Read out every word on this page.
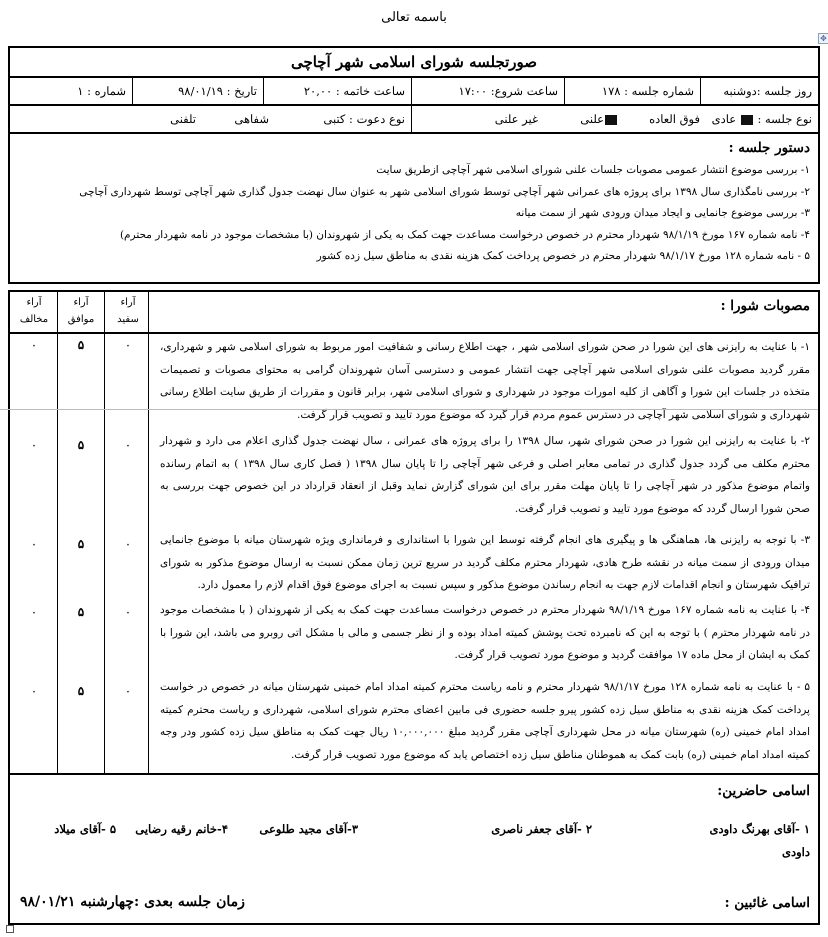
باسمه تعالی
✥
صورتجلسه شورای اسلامی شهر آچاچی
روز جلسه :دوشنبه
شماره جلسه : ۱۷۸
ساعت شروع: ۱۷:۰۰
ساعت خاتمه : ۲۰,۰۰
تاریخ : ۹۸/۰۱/۱۹
شماره : ۱
نوع جلسه :  عادی
فوق العاده
علنی
غیر علنی
نوع دعوت : کتبی
شفاهی
تلفنی
دستور جلسه :
۱- بررسی موضوع انتشار عمومی مصوبات جلسات علنی شورای اسلامی شهر آچاچی ازطریق سایت
۲- بررسی نامگذاری سال ۱۳۹۸ برای پروژه های عمرانی شهر آچاچی توسط شورای اسلامی شهر به عنوان سال نهضت جدول گذاری شهر آچاچی توسط شهرداری آچاچی
۳- بررسی موضوع جانمایی و ایجاد میدان ورودی شهر از سمت میانه
۴- نامه شماره ۱۶۷ مورخ ۹۸/۱/۱۹ شهردار محترم در خصوص درخواست مساعدت جهت کمک به یکی از شهروندان (با مشخصات موجود در نامه شهردار محترم)
۵ - نامه شماره ۱۲۸ مورخ ۹۸/۱/۱۷ شهردار محترم در خصوص پرداخت کمک هزینه نقدی به مناطق سیل زده کشور
مصوبات شورا :
آراء
سفید
آراء
موافق
آراء
مخالف
۱- با عنایت به رایزنی های این شورا در صحن شورای اسلامی شهر ، جهت اطلاع رسانی و شفافیت امور مربوط به شورای اسلامی شهر و شهرداری، مقرر گردید مصوبات علنی شورای اسلامی شهر آچاچی جهت انتشار عمومی و دسترسی آسان شهروندان گرامی به محتوای مصوبات و تصمیمات متخذه در جلسات این شورا و آگاهی از کلیه امورات موجود در شهرداری و شورای اسلامی شهر، برابر قانون و مقررات از طریق سایت اطلاع رسانی شهرداری و شورای اسلامی شهر آچاچی در دسترس عموم مردم قرار گیرد که موضوع مورد تایید و تصویب قرار گرفت.
۰
۵
۰
۲- با عنایت به رایزنی این شورا در صحن شورای شهر، سال ۱۳۹۸ را برای پروژه های عمرانی ، سال نهضت جدول گذاری اعلام می دارد و شهردار محترم مکلف می گردد جدول گذاری در تمامی معابر اصلی و فرعی شهر آچاچی را تا پایان سال ۱۳۹۸ ( فصل کاری سال ۱۳۹۸ ) به اتمام رسانده واتمام موضوع مذکور در شهر آچاچی را تا پایان مهلت مقرر برای این شورای گزارش نماید وقبل از انعقاد قرارداد در این خصوص جهت بررسی به صحن شورا ارسال گردد که موضوع مورد تایید و تصویب قرار گرفت.
۰
۵
۰
۳- با توجه به رایزنی ها، هماهنگی ها و پیگیری های انجام گرفته توسط این شورا با استانداری و فرمانداری ویژه شهرستان میانه با موضوع جانمایی میدان ورودی از سمت میانه در نقشه طرح هادی، شهردار محترم مکلف گردید در سریع ترین زمان ممکن نسبت به ارسال موضوع مذکور به شورای ترافیک شهرستان و انجام اقدامات لازم جهت به انجام رساندن موضوع مذکور و سپس نسبت به اجرای موضوع فوق اقدام لازم را معمول دارد.
۰
۵
۰
۴- با عنایت به نامه شماره ۱۶۷ مورخ ۹۸/۱/۱۹ شهردار محترم در خصوص درخواست مساعدت جهت کمک به یکی از شهروندان ( با مشخصات موجود در نامه شهردار محترم ) با توجه به این که نامبرده تحت پوشش کمیته امداد بوده و از نظر جسمی و مالی با مشکل اتی روبرو می باشد، این شورا با کمک به ایشان از محل ماده ۱۷ موافقت گردید و موضوع مورد تصویب قرار گرفت.
۰
۵
۰
۵ - با عنایت به نامه شماره ۱۲۸ مورخ ۹۸/۱/۱۷ شهردار محترم و نامه ریاست محترم کمیته امداد امام خمینی شهرستان میانه در خصوص در خواست پرداخت کمک هزینه نقدی به مناطق سیل زده کشور پیرو جلسه حضوری فی مابین اعضای محترم شورای اسلامی، شهرداری و ریاست محترم کمیته امداد امام خمینی (ره) شهرستان میانه در محل شهرداری آچاچی مقرر گردید مبلغ ۱۰,۰۰۰,۰۰۰ ریال جهت کمک به مناطق سیل زده کشور ودر وجه کمیته امداد امام خمینی (ره) بابت کمک به هموطنان مناطق سیل زده اختصاص یابد که موضوع مورد تصویب قرار گرفت.
۰
۵
۰
اسامی حاضرین:
۱ -آقای بهرنگ داودی
داودی
۲ -آقای جعفر ناصری
۳-آقای مجید طلوعی
۴-خانم رقیه رضایی
۵ -آقای میلاد
اسامی غائبین :
زمان جلسه بعدی :چهارشنبه ۹۸/۰۱/۲۱
